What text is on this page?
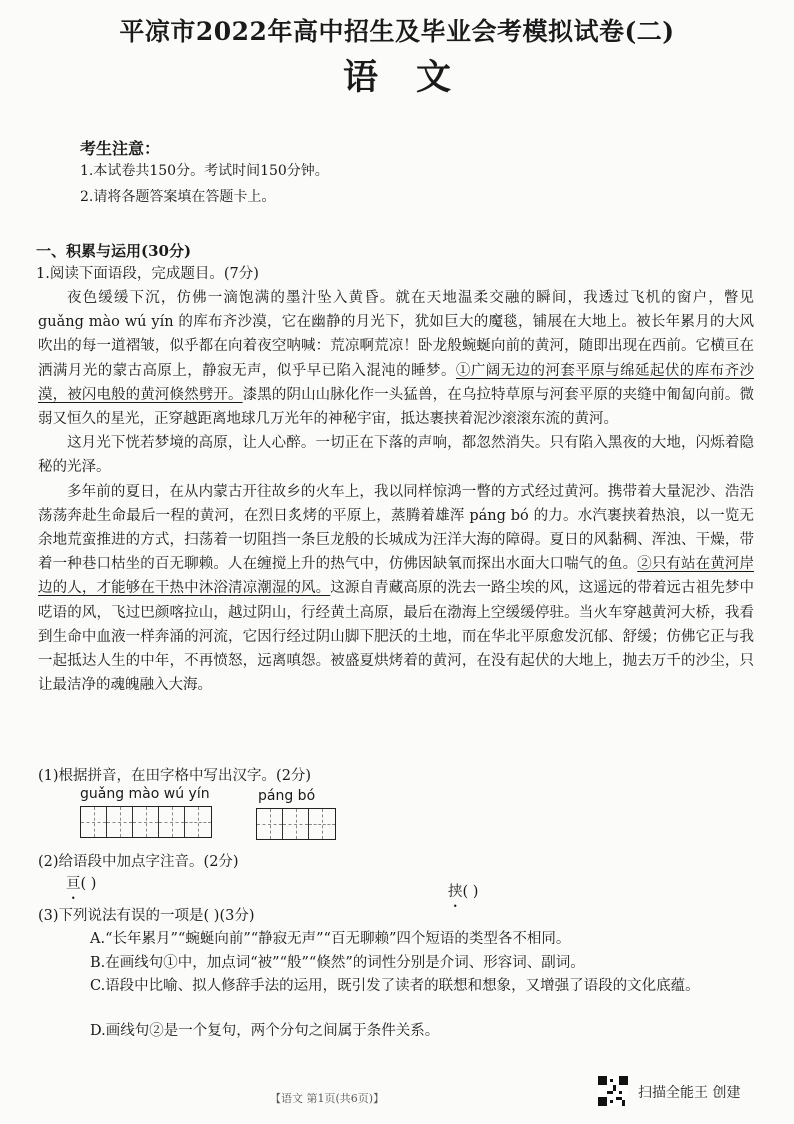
平凉市2022年高中招生及毕业会考模拟试卷(二)
语文
考生注意：
1.本试卷共150分。考试时间150分钟。
2.请将各题答案填在答题卡上。
一、积累与运用(30分)
1.阅读下面语段，完成题目。(7分)

夜色缓缓下沉，仿佛一滴饱满的墨汁坠入黄昏。就在天地温柔交融的瞬间，我透过飞机的窗户，瞥见 guǎng mào wú yín 的库布齐沙漠，它在幽静的月光下，犹如巨大的魔毯，铺展在大地上。被长年累月的大风吹出的每一道褶皱，似乎都在向着夜空呐喊：荒凉啊荒凉！卧龙般蜿蜒向前的黄河，随即出现在西前。它横亘在洒满月光的蒙古高原上，静寂无声，似乎早已陷入混沌的睡梦。①广阔无边的河套平原与绵延起伏的库布齐沙漠，被闪电般的黄河倏然劈开。漆黑的阴山山脉化作一头猛兽，在乌拉特草原与河套平原的夹缝中匍匐向前。微弱又恒久的星光，正穿越距离地球几万光年的神秘宇宙，抵达裹挟着泥沙滚滚东流的黄河。

这月光下恍若梦境的高原，让人心醉。一切正在下落的声响，都忽然消失。只有陷入黑夜的大地，闪烁着隐秘的光泽。

多年前的夏日，在从内蒙古开往故乡的火车上，我以同样惊鸿一瞥的方式经过黄河。携带着大量泥沙、浩浩荡荡奔赴生命最后一程的黄河，在烈日炙烤的平原上，蒸腾着雄浑 páng bó 的力。水汽裹挟着热浪，以一览无余地荒蛮推进的方式，扫荡着一切阻挡一条巨龙般的长城成为汪洋大海的障碍。夏日的风黏稠、浑浊、干燥，带着一种巷口枯坐的百无聊赖。人在缠搅上升的热气中，仿佛因缺氧而探出水面大口喘气的鱼。②只有站在黄河岸边的人，才能够在干热中沐浴清凉潮湿的风。这源自青藏高原的洗去一路尘埃的风，这遥远的带着远古祖先梦中呓语的风，飞过巴颜喀拉山，越过阴山，行经黄土高原，最后在渤海上空缓缓停驻。当火车穿越黄河大桥，我看到生命中血液一样奔涌的河流，它因行经过阴山脚下肥沃的土地，而在华北平原愈发沉郁、舒缓；仿佛它正与我一起抵达人生的中年，不再愤怒，远离嗔怨。被盛夏烘烤着的黄河，在没有起伏的大地上，抛去万千的沙尘，只让最洁净的魂魄融入大海。

(1)根据拼音，在田字格中写出汉字。(2分)
guǎng mào wú yín	páng bó
(2)给语段中加点字注音。(2分)
亘( )	挟( )
(3)下列说法有误的一项是( )(3分)
A.“长年累月”“蜿蜒向前”“静寂无声”“百无聊赖”四个短语的类型各不相同。
B.在画线句①中，加点词“被”“般”“倏然”的词性分别是介词、形容词、副词。
C.语段中比喻、拟人修辞手法的运用，既引发了读者的联想和想象，又增强了语段的文化底蕴。
D.画线句②是一个复句，两个分句之间属于条件关系。
【语文 第1页(共6页)】	扫描全能王 创建
